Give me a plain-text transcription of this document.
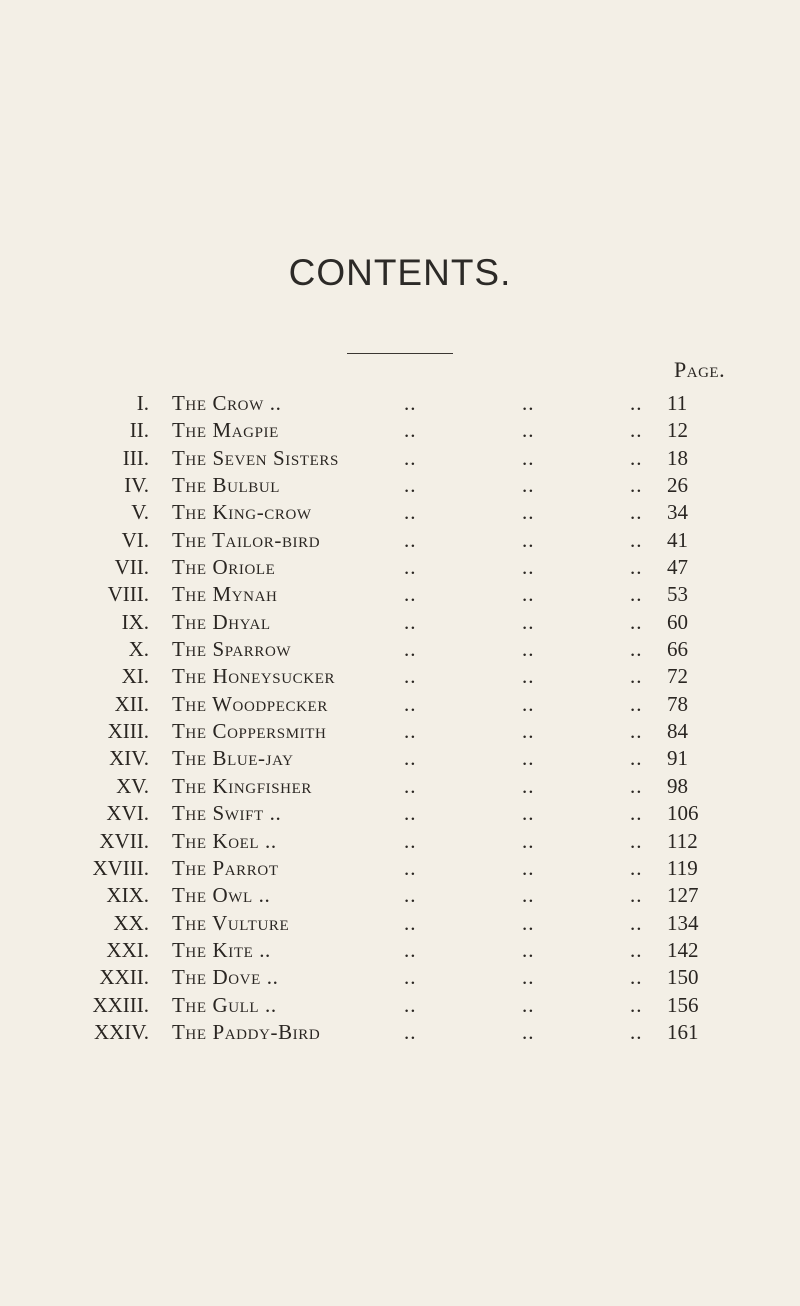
CONTENTS.
Page.
I. The Crow ..	..	..	.. 11
II. The Magpie	..	..	.. 12
III. The Seven Sisters	..	..	.. 18
IV. The Bulbul	..	..	.. 26
V. The King-crow	..	..	.. 34
VI. The Tailor-bird	..	..	.. 41
VII. The Oriole	..	..	.. 47
VIII. The Mynah	..	..	.. 53
IX. The Dhyal	..	..	.. 60
X. The Sparrow	..	..	.. 66
XI. The Honeysucker	..	..	.. 72
XII. The Woodpecker	..	..	.. 78
XIII. The Coppersmith	..	..	.. 84
XIV. The Blue-jay	..	..	.. 91
XV. The Kingfisher	..	..	.. 98
XVI. The Swift ..	..	..	.. 106
XVII. The Koel ..	..	..	.. 112
XVIII. The Parrot	..	..	.. 119
XIX. The Owl ..	..	..	.. 127
XX. The Vulture	..	..	.. 134
XXI. The Kite ..	..	..	.. 142
XXII. The Dove ..	..	..	.. 150
XXIII. The Gull ..	..	..	.. 156
XXIV. The Paddy-Bird	..	..	.. 161
